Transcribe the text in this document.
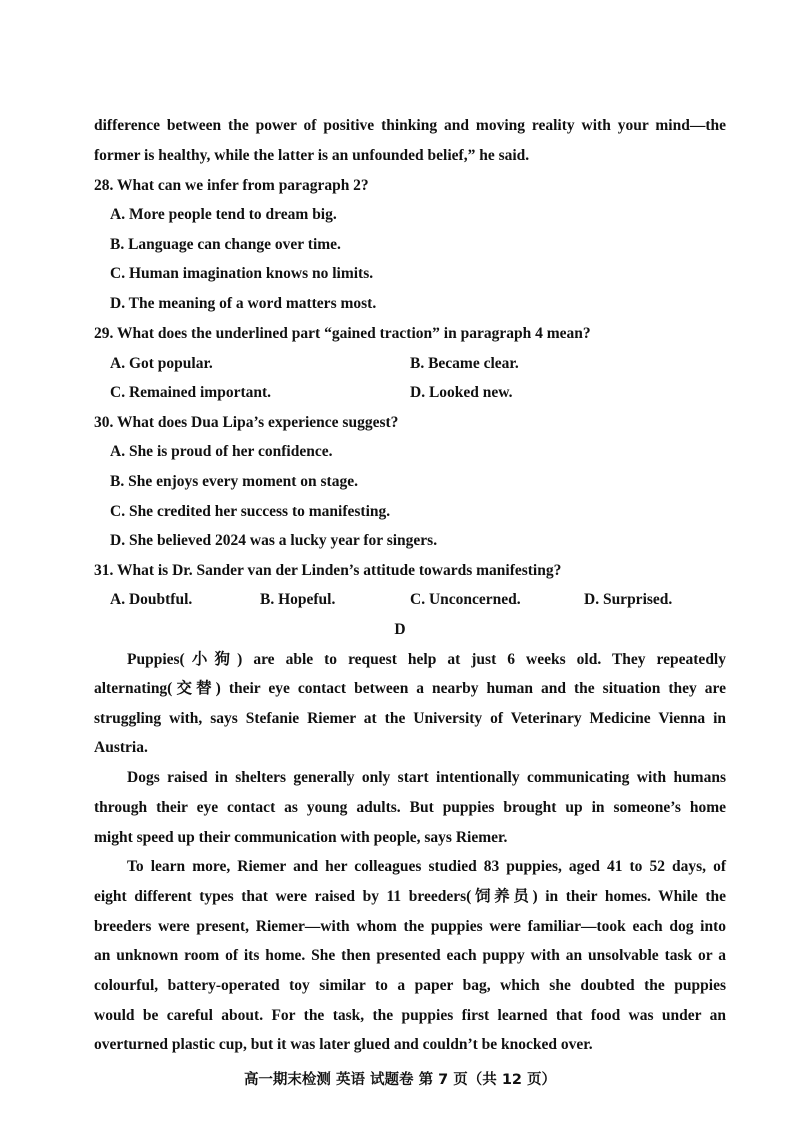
difference between the power of positive thinking and moving reality with your mind—the

former is healthy, while the latter is an unfounded belief,” he said.

28. What can we infer from paragraph 2?

A. More people tend to dream big.

B. Language can change over time.

C. Human imagination knows no limits.

D. The meaning of a word matters most.

29. What does the underlined part “gained traction” in paragraph 4 mean?

A. Got popular.	B. Became clear.
C. Remained important.	D. Looked new.

30. What does Dua Lipa’s experience suggest?

A. She is proud of her confidence.

B. She enjoys every moment on stage.

C. She credited her success to manifesting.

D. She believed 2024 was a lucky year for singers.

31. What is Dr. Sander van der Linden’s attitude towards manifesting?

A. Doubtful.	B. Hopeful.	C. Unconcerned.	D. Surprised.

D

Puppies(小狗) are able to request help at just 6 weeks old. They repeatedly

alternating(交替) their eye contact between a nearby human and the situation they are

struggling with, says Stefanie Riemer at the University of Veterinary Medicine Vienna in

Austria.

Dogs raised in shelters generally only start intentionally communicating with humans

through their eye contact as young adults. But puppies brought up in someone’s home

might speed up their communication with people, says Riemer.

To learn more, Riemer and her colleagues studied 83 puppies, aged 41 to 52 days, of

eight different types that were raised by 11 breeders(饲养员) in their homes. While the

breeders were present, Riemer—with whom the puppies were familiar—took each dog into

an unknown room of its home. She then presented each puppy with an unsolvable task or a

colourful, battery-operated toy similar to a paper bag, which she doubted the puppies

would be careful about. For the task, the puppies first learned that food was under an

overturned plastic cup, but it was later glued and couldn’t be knocked over.

高一期末检测 英语 试题卷 第 7 页（共 12 页）
